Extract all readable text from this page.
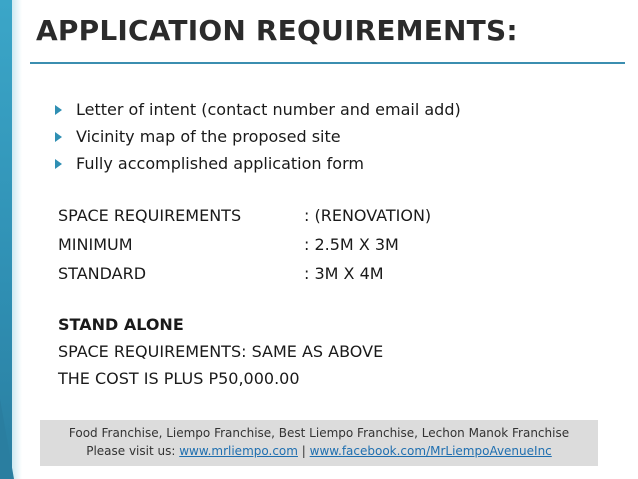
APPLICATION REQUIREMENTS:
Letter of intent (contact number and email add)
Vicinity map of the proposed site
Fully accomplished application form
SPACE REQUIREMENTS	: (RENOVATION)
MINIMUM	: 2.5M X 3M
STANDARD	: 3M X 4M
STAND ALONE
SPACE REQUIREMENTS: SAME AS ABOVE
THE COST IS PLUS P50,000.00
Food Franchise, Liempo Franchise, Best Liempo Franchise, Lechon Manok Franchise
Please visit us: www.mrliempo.com | www.facebook.com/MrLiempoAvenueInc
